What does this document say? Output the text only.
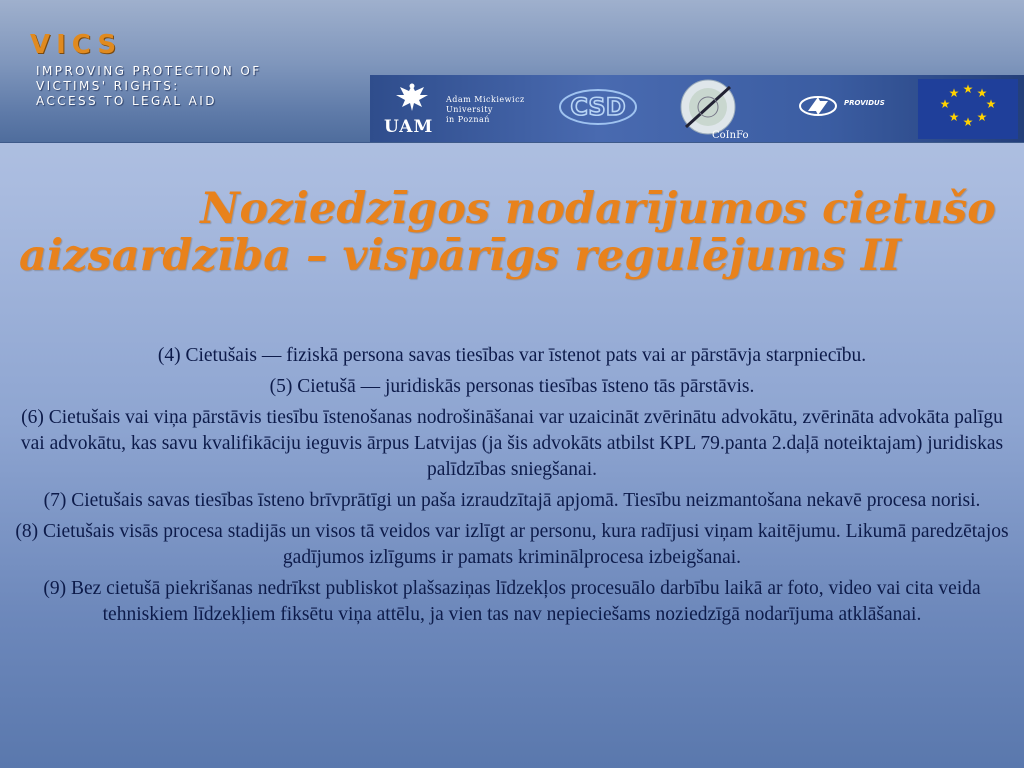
VICS
IMPROVING PROTECTION OF
VICTIMS' RIGHTS:
ACCESS TO LEGAL AID
UAM
Adam Mickiewicz
University
in Poznań	CSD
CoInFo
PROVIDUS
★ ★
★
★
★
★
★
★
Noziedzīgos nodarījumos cietušo
aizsardzība – vispārīgs regulējums II

(4) Cietušais — fiziskā persona savas tiesības var īstenot pats vai ar pārstāvja starpniecību.

(5) Cietušā — juridiskās personas tiesības īsteno tās pārstāvis.

(6) Cietušais vai viņa pārstāvis tiesību īstenošanas nodrošināšanai var uzaicināt zvērinātu advokātu, zvērināta advokāta palīgu vai advokātu, kas savu kvalifikāciju ieguvis ārpus Latvijas (ja šis advokāts atbilst KPL 79.panta 2.daļā noteiktajam) juridiskas palīdzības sniegšanai.

(7) Cietušais savas tiesības īsteno brīvprātīgi un paša izraudzītajā apjomā. Tiesību neizmantošana nekavē procesa norisi.

(8) Cietušais visās procesa stadijās un visos tā veidos var izlīgt ar personu, kura radījusi viņam kaitējumu. Likumā paredzētajos gadījumos izlīgums ir pamats kriminālprocesa izbeigšanai.

(9) Bez cietušā piekrišanas nedrīkst publiskot plašsaziņas līdzekļos procesuālo darbību laikā ar foto, video vai cita veida tehniskiem līdzekļiem fiksētu viņa attēlu, ja vien tas nav nepieciešams noziedzīgā nodarījuma atklāšanai.
